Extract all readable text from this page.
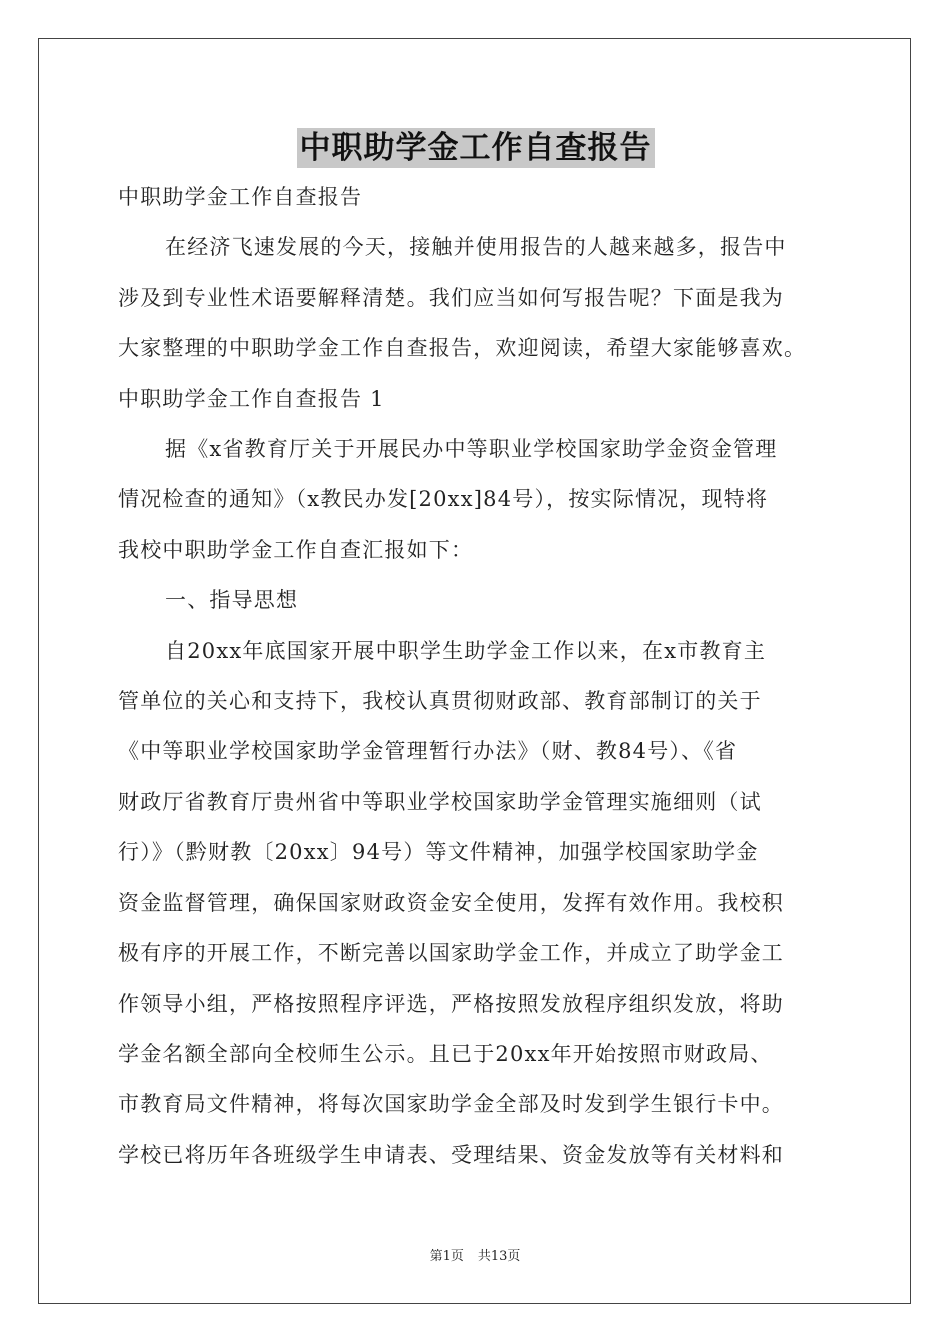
中职助学金工作自查报告
中职助学金工作自查报告
在经济飞速发展的今天，接触并使用报告的人越来越多，报告中
涉及到专业性术语要解释清楚。我们应当如何写报告呢？下面是我为
大家整理的中职助学金工作自查报告，欢迎阅读，希望大家能够喜欢。
中职助学金工作自查报告 1
据《x省教育厅关于开展民办中等职业学校国家助学金资金管理
情况检查的通知》（x教民办发[20xx]84号），按实际情况，现特将
我校中职助学金工作自查汇报如下：
一、指导思想
自20xx年底国家开展中职学生助学金工作以来，在x市教育主
管单位的关心和支持下，我校认真贯彻财政部、教育部制订的关于
《中等职业学校国家助学金管理暂行办法》（财、教84号）、《省
财政厅省教育厅贵州省中等职业学校国家助学金管理实施细则（试
行）》（黔财教〔20xx〕94号）等文件精神，加强学校国家助学金
资金监督管理，确保国家财政资金安全使用，发挥有效作用。我校积
极有序的开展工作，不断完善以国家助学金工作，并成立了助学金工
作领导小组，严格按照程序评选，严格按照发放程序组织发放，将助
学金名额全部向全校师生公示。且已于20xx年开始按照市财政局、
市教育局文件精神，将每次国家助学金全部及时发到学生银行卡中。
学校已将历年各班级学生申请表、受理结果、资金发放等有关材料和
第1页 共13页
